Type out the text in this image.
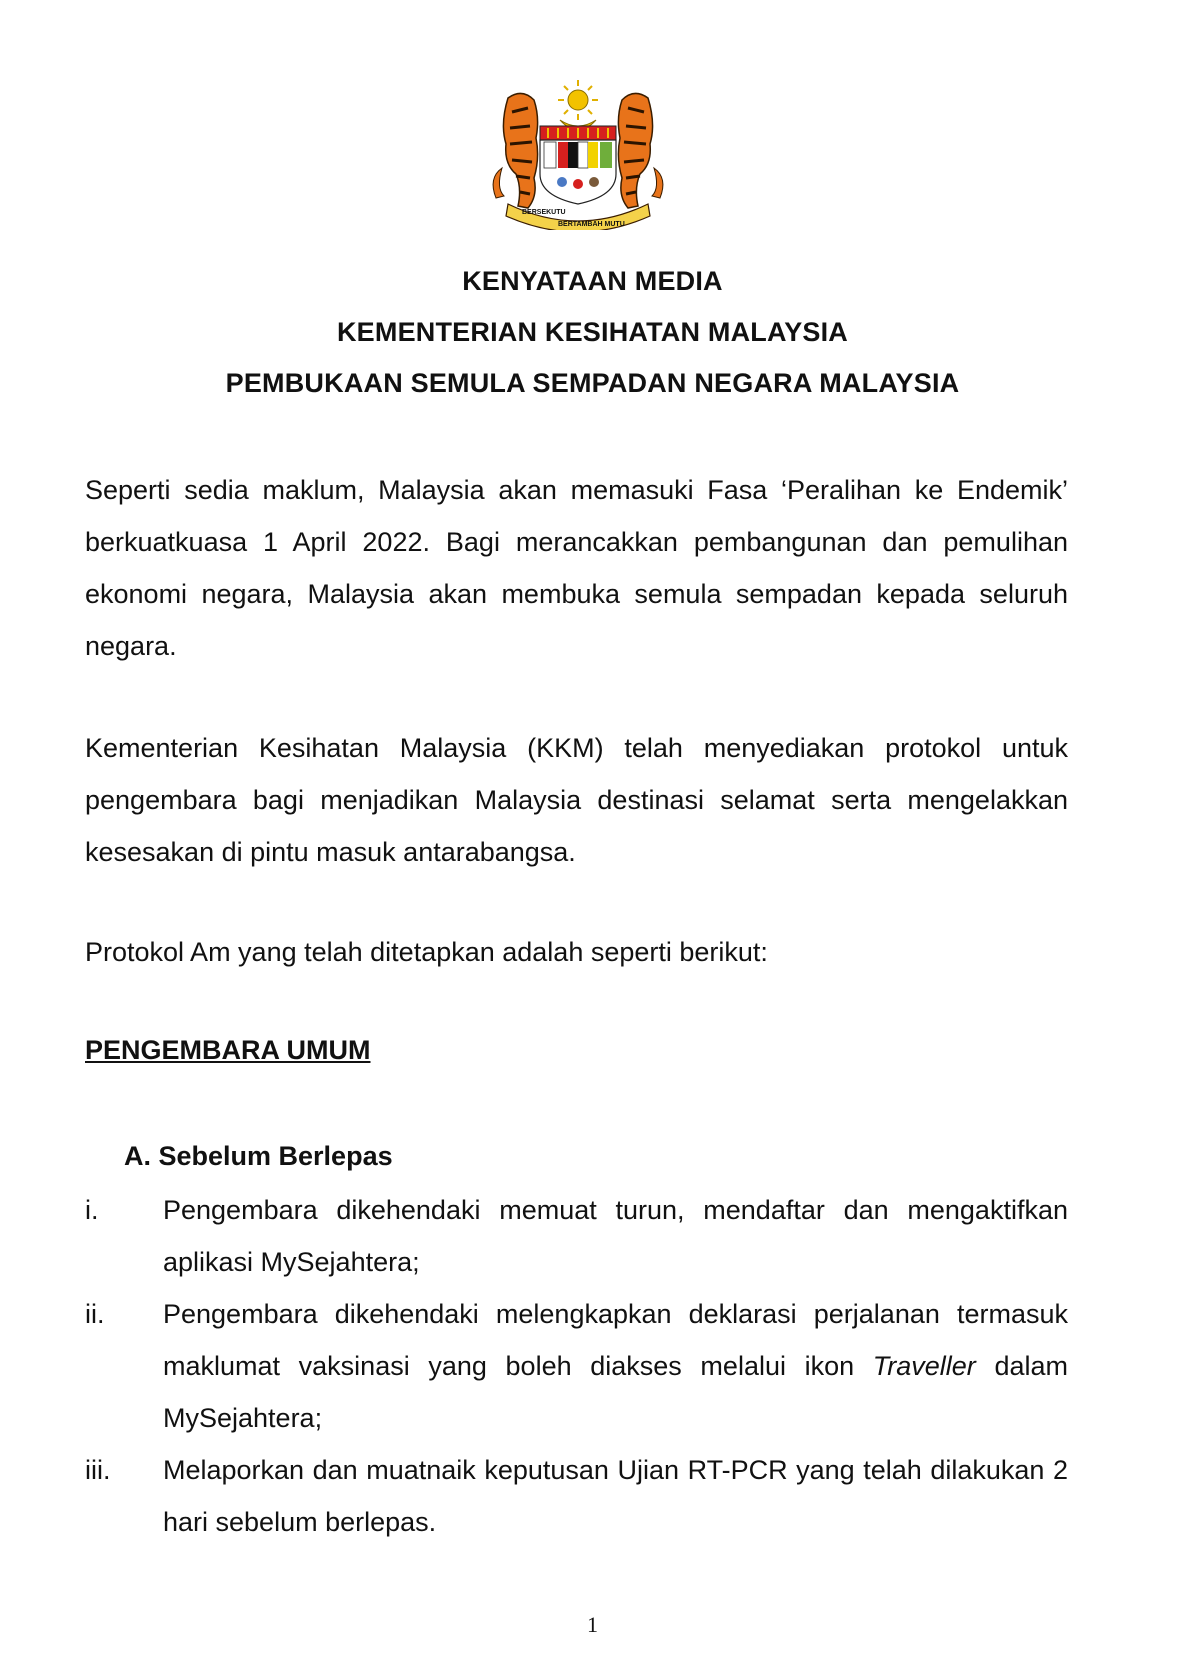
BERSEKUTU
BERTAMBAH MUTU
KENYATAAN MEDIA
KEMENTERIAN KESIHATAN MALAYSIA
PEMBUKAAN SEMULA SEMPADAN NEGARA MALAYSIA

Seperti sedia maklum, Malaysia akan memasuki Fasa ‘Peralihan ke Endemik’ berkuatkuasa 1 April 2022. Bagi merancakkan pembangunan dan pemulihan ekonomi negara, Malaysia akan membuka semula sempadan kepada seluruh negara.

Kementerian Kesihatan Malaysia (KKM) telah menyediakan protokol untuk pengembara bagi menjadikan Malaysia destinasi selamat serta mengelakkan kesesakan di pintu masuk antarabangsa.

Protokol Am yang telah ditetapkan adalah seperti berikut:

PENGEMBARA UMUM
A. Sebelum Berlepas
i.	Pengembara dikehendaki memuat turun, mendaftar dan mengaktifkan aplikasi MySejahtera;
ii.	Pengembara dikehendaki melengkapkan deklarasi perjalanan termasuk maklumat vaksinasi yang boleh diakses melalui ikon Traveller dalam MySejahtera;
iii.	Melaporkan dan muatnaik keputusan Ujian RT-PCR yang telah dilakukan 2 hari sebelum berlepas.
1
